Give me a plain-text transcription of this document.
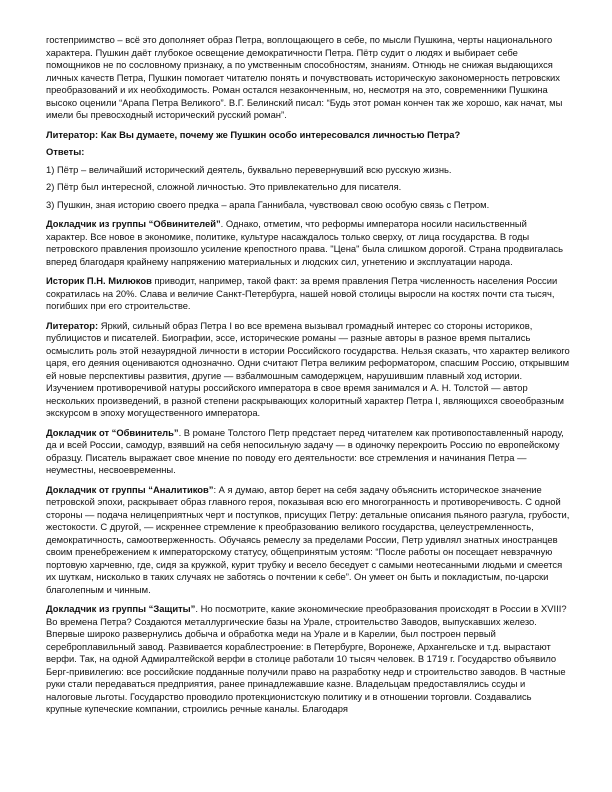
гостеприимство – всё это дополняет образ Петра, воплощающего в себе, по мысли Пушкина, черты национального характера. Пушкин даёт глубокое освещение демократичности Петра. Пётр судит о людях и выбирает себе помощников не по сословному признаку, а по умственным способностям, знаниям. Отнюдь не снижая выдающихся личных качеств Петра, Пушкин помогает читателю понять и почувствовать историческую закономерность петровских преобразований и их необходимость. Роман остался незаконченным, но, несмотря на это, современники Пушкина высоко оценили “Арапа Петра Великого”. В.Г. Белинский писал: “Будь этот роман кончен так же хорошо, как начат, мы имели бы превосходный исторический русский роман”.

Литератор: Как Вы думаете, почему же Пушкин особо интересовался личностью Петра?

Ответы:

1) Пётр – величайший исторический деятель, буквально перевернувший всю русскую жизнь.

2) Пётр был интересной, сложной личностью. Это привлекательно для писателя.

3) Пушкин, зная историю своего предка – арапа Ганнибала, чувствовал свою особую связь с Петром.

Докладчик из группы “Обвинителей”. Однако, отметим, что реформы императора носили насильственный характер. Все новое в экономике, политике, культуре насаждалось только сверху, от лица государства. В годы петровского правления произошло усиление крепостного права. "Цена" была слишком дорогой. Страна продвигалась вперед благодаря крайнему напряжению материальных и людских сил, угнетению и эксплуатации народа.

Историк П.Н. Милюков приводит, например, такой факт: за время правления Петра численность населения России сократилась на 20%. Слава и величие Санкт-Петербурга, нашей новой столицы выросли на костях почти ста тысяч, погибших при его строительстве.

Литератор: Яркий, сильный образ Петра I во все времена вызывал громадный интерес со стороны историков, публицистов и писателей. Биографии, эссе, исторические романы — разные авторы в разное время пытались осмыслить роль этой незаурядной личности в истории Российского государства. Нельзя сказать, что характер великого царя, его деяния оцениваются однозначно. Одни считают Петра великим реформатором, спасшим Россию, открывшим ей новые перспективы развития, другие — взбалмошным самодержцем, нарушившим плавный ход истории. Изучением противоречивой натуры российского императора в свое время занимался и А. Н. Толстой — автор нескольких произведений, в разной степени раскрывающих колоритный характер Петра I, являющихся своеобразным экскурсом в эпоху могущественного императора.

Докладчик от “Обвинитель”. В романе Толстого Петр предстает перед читателем как противопоставленный народу, да и всей России, самодур, взявший на себя непосильную задачу — в одиночку перекроить Россию по европейскому образцу. Писатель выражает свое мнение по поводу его деятельности: все стремления и начинания Петра — неуместны, несвоевременны.

Докладчик от группы “Аналитиков”: А я думаю, автор берет на себя задачу объяснить историческое значение петровской эпохи, раскрывает образ главного героя, показывая всю его многогранность и противоречивость. С одной стороны — подача нелицеприятных черт и поступков, присущих Петру: детальные описания пьяного разгула, грубости, жестокости. С другой, — искреннее стремление к преобразованию великого государства, целеустремленность, демократичность, самоотверженность. Обучаясь ремеслу за пределами России, Петр удивлял знатных иностранцев своим пренебрежением к императорскому статусу, общепринятым устоям: “После работы он посещает невзрачную портовую харчевню, где, сидя за кружкой, курит трубку и весело беседует с самыми неотесанными людьми и смеется их шуткам, нисколько в таких случаях не заботясь о почтении к себе”. Он умеет он быть и покладистым, по-царски благолепным и чинным.

Докладчик из группы “Защиты”. Но посмотрите, какие экономические преобразования происходят в России в XVIII? Во времена Петра? Создаются металлургические базы на Урале, строительство Заводов, выпускавших железо. Впервые широко развернулись добыча и обработка меди на Урале и в Карелии, был построен первый сереброплавильный завод. Развивается кораблестроение: в Петербурге, Воронеже, Архангельске и т.д. вырастают верфи. Так, на одной Адмиралтейской верфи в столице работали 10 тысяч человек. В 1719 г. Государство объявило Берг-привилегию: все российские подданные получили право на разработку недр и строительство заводов. В частные руки стали передаваться предприятия, ранее принадлежавшие казне. Владельцам предоставлялись ссуды и налоговые льготы. Государство проводило протекционистскую политику и в отношении торговли. Создавались крупные купеческие компании, строились речные каналы. Благодаря
